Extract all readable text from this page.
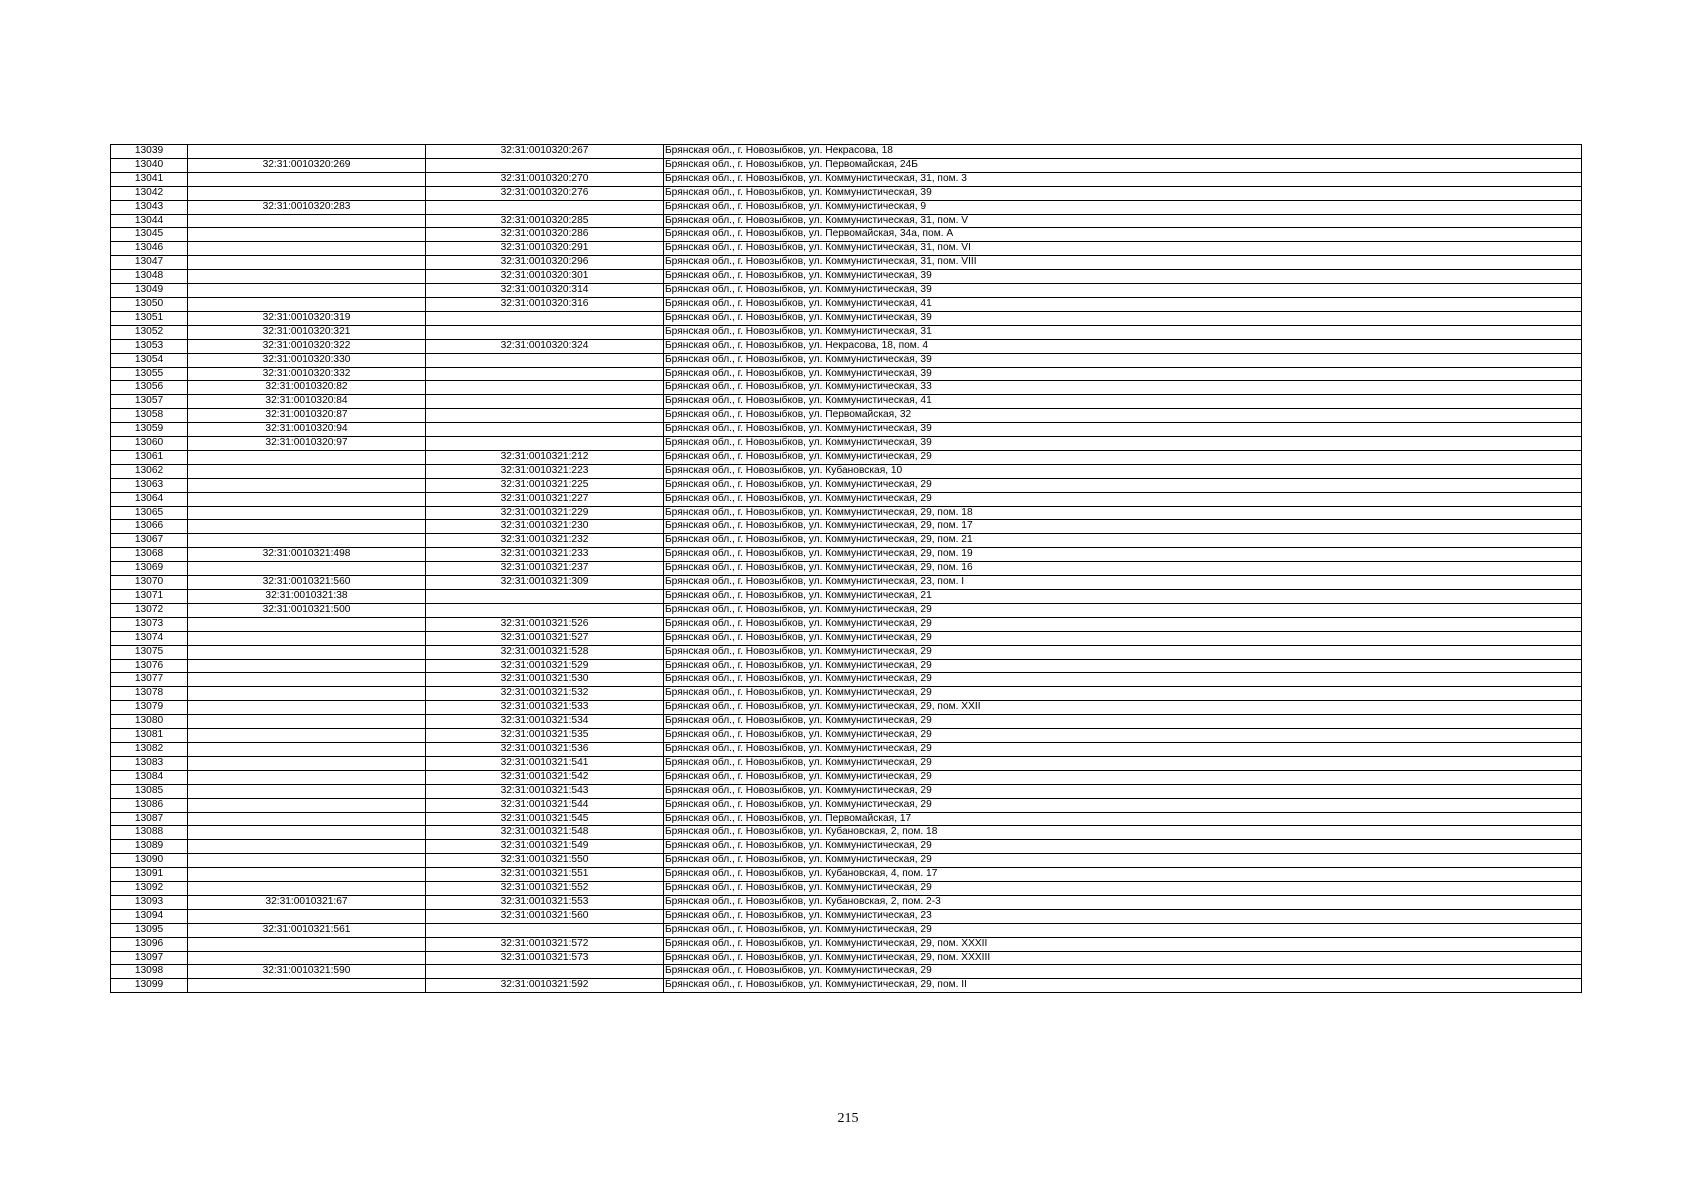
13039		32:31:0010320:267	Брянская обл., г. Новозыбков, ул. Некрасова, 18
13040	32:31:0010320:269		Брянская обл., г. Новозыбков, ул. Первомайская, 24Б
13041		32:31:0010320:270	Брянская обл., г. Новозыбков, ул. Коммунистическая, 31, пом. 3
13042		32:31:0010320:276	Брянская обл., г. Новозыбков, ул. Коммунистическая, 39
13043	32:31:0010320:283		Брянская обл., г. Новозыбков, ул. Коммунистическая, 9
13044		32:31:0010320:285	Брянская обл., г. Новозыбков, ул. Коммунистическая, 31, пом. V
13045		32:31:0010320:286	Брянская обл., г. Новозыбков, ул. Первомайская, 34а, пом. А
13046		32:31:0010320:291	Брянская обл., г. Новозыбков, ул. Коммунистическая, 31, пом. VI
13047		32:31:0010320:296	Брянская обл., г. Новозыбков, ул. Коммунистическая, 31, пом. VIII
13048		32:31:0010320:301	Брянская обл., г. Новозыбков, ул. Коммунистическая, 39
13049		32:31:0010320:314	Брянская обл., г. Новозыбков, ул. Коммунистическая, 39
13050		32:31:0010320:316	Брянская обл., г. Новозыбков, ул. Коммунистическая, 41
13051	32:31:0010320:319		Брянская обл., г. Новозыбков, ул. Коммунистическая, 39
13052	32:31:0010320:321		Брянская обл., г. Новозыбков, ул. Коммунистическая, 31
13053	32:31:0010320:322	32:31:0010320:324	Брянская обл., г. Новозыбков, ул. Некрасова, 18, пом. 4
13054	32:31:0010320:330		Брянская обл., г. Новозыбков, ул. Коммунистическая, 39
13055	32:31:0010320:332		Брянская обл., г. Новозыбков, ул. Коммунистическая, 39
13056	32:31:0010320:82		Брянская обл., г. Новозыбков, ул. Коммунистическая, 33
13057	32:31:0010320:84		Брянская обл., г. Новозыбков, ул. Коммунистическая, 41
13058	32:31:0010320:87		Брянская обл., г. Новозыбков, ул. Первомайская, 32
13059	32:31:0010320:94		Брянская обл., г. Новозыбков, ул. Коммунистическая, 39
13060	32:31:0010320:97		Брянская обл., г. Новозыбков, ул. Коммунистическая, 39
13061		32:31:0010321:212	Брянская обл., г. Новозыбков, ул. Коммунистическая, 29
13062		32:31:0010321:223	Брянская обл., г. Новозыбков, ул. Кубановская, 10
13063		32:31:0010321:225	Брянская обл., г. Новозыбков, ул. Коммунистическая, 29
13064		32:31:0010321:227	Брянская обл., г. Новозыбков, ул. Коммунистическая, 29
13065		32:31:0010321:229	Брянская обл., г. Новозыбков, ул. Коммунистическая, 29, пом. 18
13066		32:31:0010321:230	Брянская обл., г. Новозыбков, ул. Коммунистическая, 29, пом. 17
13067		32:31:0010321:232	Брянская обл., г. Новозыбков, ул. Коммунистическая, 29, пом. 21
13068	32:31:0010321:498	32:31:0010321:233	Брянская обл., г. Новозыбков, ул. Коммунистическая, 29, пом. 19
13069		32:31:0010321:237	Брянская обл., г. Новозыбков, ул. Коммунистическая, 29, пом. 16
13070	32:31:0010321:560	32:31:0010321:309	Брянская обл., г. Новозыбков, ул. Коммунистическая, 23, пом. I
13071	32:31:0010321:38		Брянская обл., г. Новозыбков, ул. Коммунистическая, 21
13072	32:31:0010321:500		Брянская обл., г. Новозыбков, ул. Коммунистическая, 29
13073		32:31:0010321:526	Брянская обл., г. Новозыбков, ул. Коммунистическая, 29
13074		32:31:0010321:527	Брянская обл., г. Новозыбков, ул. Коммунистическая, 29
13075		32:31:0010321:528	Брянская обл., г. Новозыбков, ул. Коммунистическая, 29
13076		32:31:0010321:529	Брянская обл., г. Новозыбков, ул. Коммунистическая, 29
13077		32:31:0010321:530	Брянская обл., г. Новозыбков, ул. Коммунистическая, 29
13078		32:31:0010321:532	Брянская обл., г. Новозыбков, ул. Коммунистическая, 29
13079		32:31:0010321:533	Брянская обл., г. Новозыбков, ул. Коммунистическая, 29, пом. XXII
13080		32:31:0010321:534	Брянская обл., г. Новозыбков, ул. Коммунистическая, 29
13081		32:31:0010321:535	Брянская обл., г. Новозыбков, ул. Коммунистическая, 29
13082		32:31:0010321:536	Брянская обл., г. Новозыбков, ул. Коммунистическая, 29
13083		32:31:0010321:541	Брянская обл., г. Новозыбков, ул. Коммунистическая, 29
13084		32:31:0010321:542	Брянская обл., г. Новозыбков, ул. Коммунистическая, 29
13085		32:31:0010321:543	Брянская обл., г. Новозыбков, ул. Коммунистическая, 29
13086		32:31:0010321:544	Брянская обл., г. Новозыбков, ул. Коммунистическая, 29
13087		32:31:0010321:545	Брянская обл., г. Новозыбков, ул. Первомайская, 17
13088		32:31:0010321:548	Брянская обл., г. Новозыбков, ул. Кубановская, 2, пом. 18
13089		32:31:0010321:549	Брянская обл., г. Новозыбков, ул. Коммунистическая, 29
13090		32:31:0010321:550	Брянская обл., г. Новозыбков, ул. Коммунистическая, 29
13091		32:31:0010321:551	Брянская обл., г. Новозыбков, ул. Кубановская, 4, пом. 17
13092		32:31:0010321:552	Брянская обл., г. Новозыбков, ул. Коммунистическая, 29
13093	32:31:0010321:67	32:31:0010321:553	Брянская обл., г. Новозыбков, ул. Кубановская, 2, пом. 2-3
13094		32:31:0010321:560	Брянская обл., г. Новозыбков, ул. Коммунистическая, 23
13095	32:31:0010321:561		Брянская обл., г. Новозыбков, ул. Коммунистическая, 29
13096		32:31:0010321:572	Брянская обл., г. Новозыбков, ул. Коммунистическая, 29, пом. XXXII
13097		32:31:0010321:573	Брянская обл., г. Новозыбков, ул. Коммунистическая, 29, пом. XXXIII
13098	32:31:0010321:590		Брянская обл., г. Новозыбков, ул. Коммунистическая, 29
13099		32:31:0010321:592	Брянская обл., г. Новозыбков, ул. Коммунистическая, 29, пом. II
215
